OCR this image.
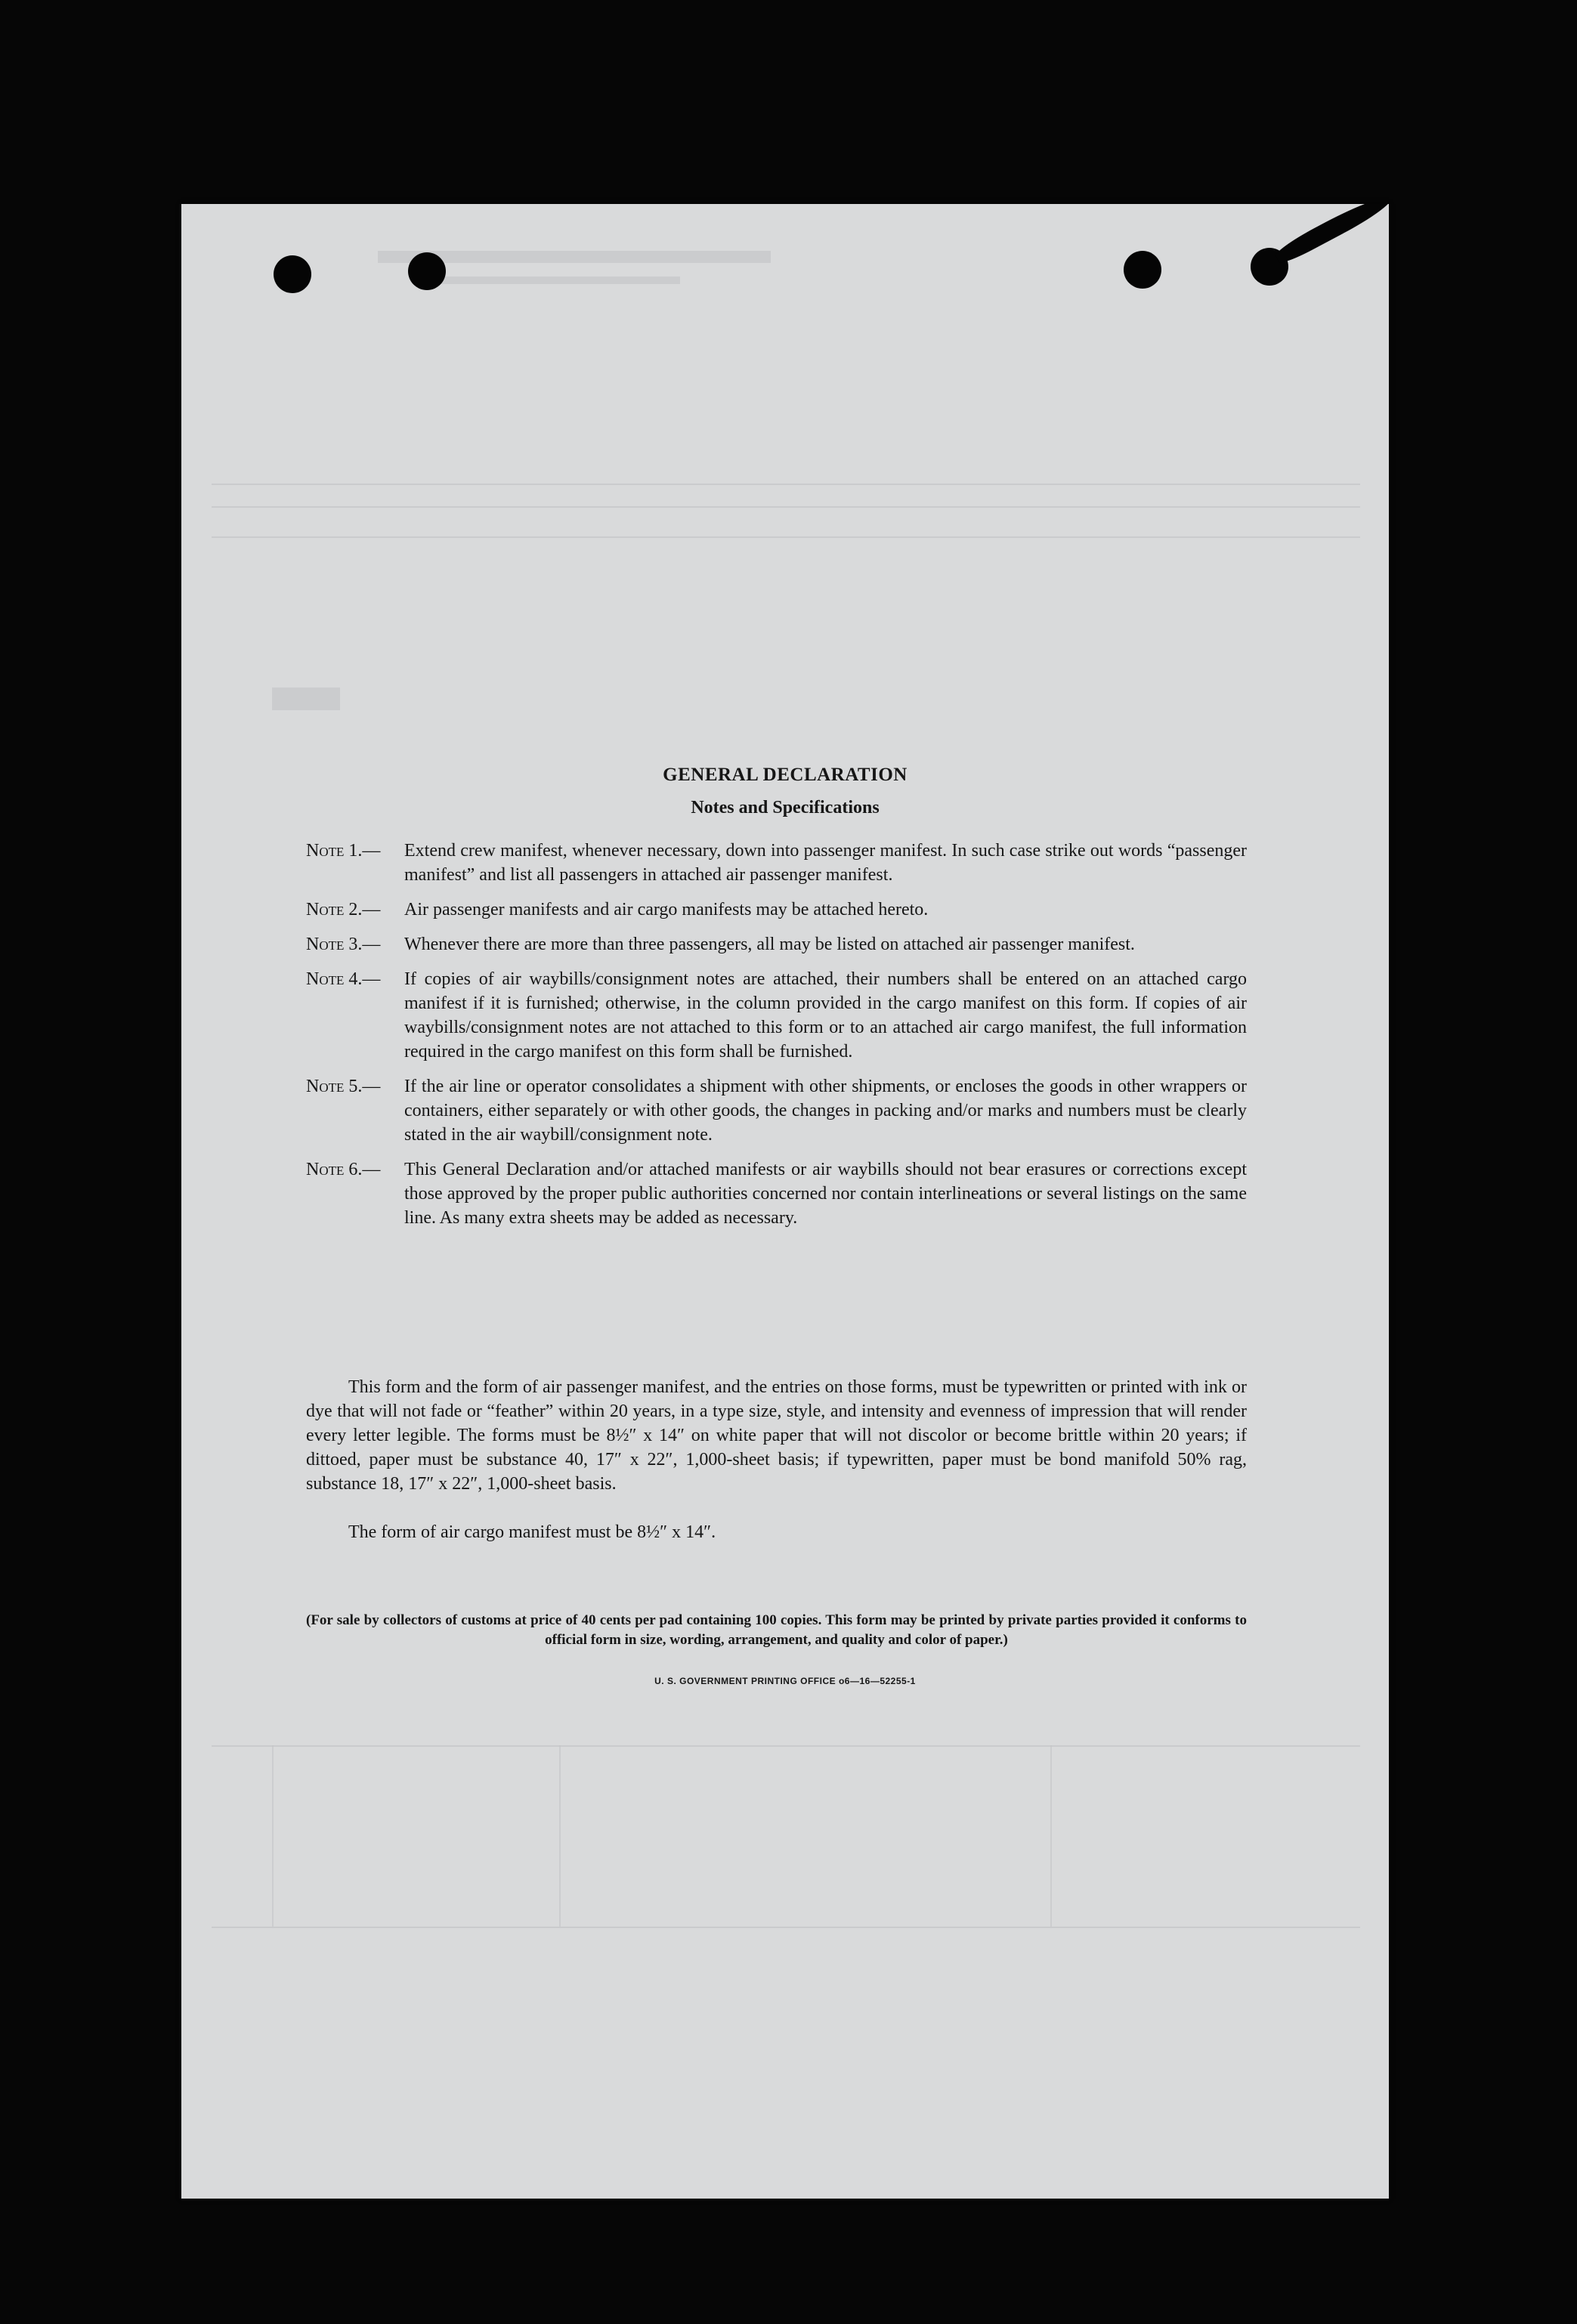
GENERAL DECLARATION
Notes and Specifications
Note 1.— Extend crew manifest, whenever necessary, down into passenger manifest. In such case strike out words “passenger manifest” and list all passengers in attached air passenger manifest.

Note 2.— Air passenger manifests and air cargo manifests may be attached hereto.

Note 3.— Whenever there are more than three passengers, all may be listed on attached air passenger manifest.

Note 4.— If copies of air waybills/consignment notes are attached, their numbers shall be entered on an attached cargo manifest if it is furnished; otherwise, in the column provided in the cargo manifest on this form. If copies of air waybills/consignment notes are not attached to this form or to an attached air cargo manifest, the full information required in the cargo manifest on this form shall be furnished.

Note 5.— If the air line or operator consolidates a shipment with other shipments, or encloses the goods in other wrappers or containers, either separately or with other goods, the changes in packing and/or marks and numbers must be clearly stated in the air waybill/consignment note.

Note 6.— This General Declaration and/or attached manifests or air waybills should not bear erasures or corrections except those approved by the proper public authorities concerned nor contain interlineations or several listings on the same line. As many extra sheets may be added as necessary.

This form and the form of air passenger manifest, and the entries on those forms, must be typewritten or printed with ink or dye that will not fade or “feather” within 20 years, in a type size, style, and intensity and evenness of impression that will render every letter legible. The forms must be 8½″ x 14″ on white paper that will not discolor or become brittle within 20 years; if dittoed, paper must be substance 40, 17″ x 22″, 1,000-sheet basis; if typewritten, paper must be bond manifold 50% rag, substance 18, 17″ x 22″, 1,000-sheet basis.

The form of air cargo manifest must be 8½″ x 14″.
(For sale by collectors of customs at price of 40 cents per pad containing 100 copies. This form may be printed by private parties provided it conforms to official form in size, wording, arrangement, and quality and color of paper.)
U. S. GOVERNMENT PRINTING OFFICE o6—16—52255-1
